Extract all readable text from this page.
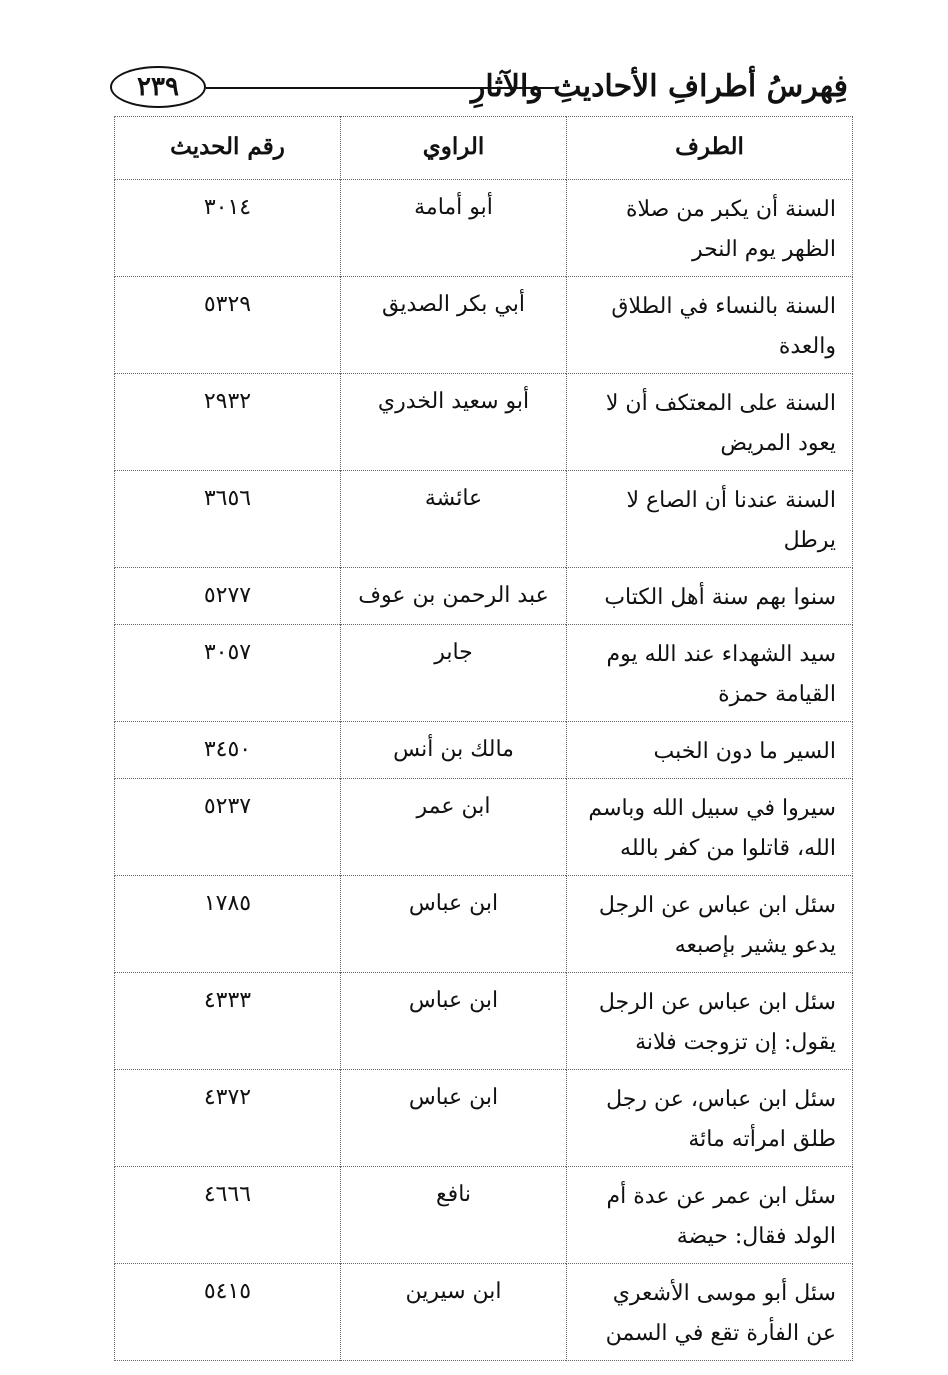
٢٣٩	فِهرسُ أطرافِ الأحاديثِ والآثارِ
الطرف	الراوي	رقم الحديث
السنة أن يكبر من صلاة الظهر يوم النحر	أبو أمامة	٣٠١٤
السنة بالنساء في الطلاق والعدة	أبي بكر الصديق	٥٣٢٩
السنة على المعتكف أن لا يعود المريض	أبو سعيد الخدري	٢٩٣٢
السنة عندنا أن الصاع لا يرطل	عائشة	٣٦٥٦
سنوا بهم سنة أهل الكتاب	عبد الرحمن بن عوف	٥٢٧٧
سيد الشهداء عند الله يوم القيامة حمزة	جابر	٣٠٥٧
السير ما دون الخبب	مالك بن أنس	٣٤٥٠
سيروا في سبيل الله وباسم الله، قاتلوا من كفر بالله	ابن عمر	٥٢٣٧
سئل ابن عباس عن الرجل يدعو يشير بإصبعه	ابن عباس	١٧٨٥
سئل ابن عباس عن الرجل يقول: إن تزوجت فلانة	ابن عباس	٤٣٣٣
سئل ابن عباس، عن رجل طلق امرأته مائة	ابن عباس	٤٣٧٢
سئل ابن عمر عن عدة أم الولد فقال: حيضة	نافع	٤٦٦٦
سئل أبو موسى الأشعري عن الفأرة تقع في السمن	ابن سيرين	٥٤١٥
